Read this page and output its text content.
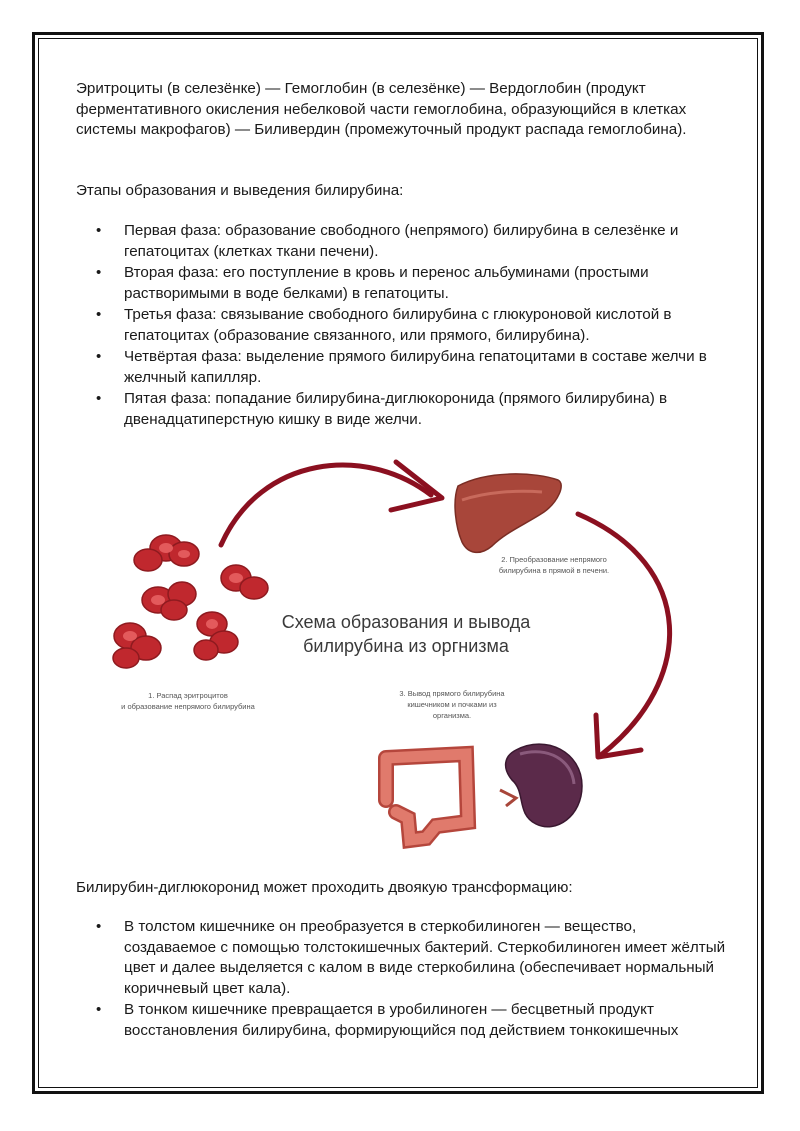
Эритроциты (в селезёнке) — Гемоглобин (в селезёнке) — Вердоглобин (продукт ферментативного окисления небелковой части гемоглобина, образующийся в клетках системы макрофагов) — Биливердин (промежуточный продукт распада гемоглобина).
Этапы образования и выведения билирубина:
• Первая фаза: образование свободного (непрямого) билирубина в селезёнке и гепатоцитах (клетках ткани печени).
• Вторая фаза: его поступление в кровь и перенос альбуминами (простыми растворимыми в воде белками) в гепатоциты.
• Третья фаза: связывание свободного билирубина с глюкуроновой кислотой в гепатоцитах (образование связанного, или прямого, билирубина).
• Четвёртая фаза: выделение прямого билирубина гепатоцитами в составе желчи в желчный капилляр.
• Пятая фаза: попадание билирубина-диглюкоронида (прямого билирубина) в двенадцатиперстную кишку в виде желчи.
Схема образования и вывода
билирубина из оргнизма
1. Распад эритроцитов
и образование непрямого билирубина
2. Преобразование непрямого
билирубина в прямой в печени.
3. Вывод прямого билирубина
кишечником и почками из
организма.
Билирубин-диглюкоронид может проходить двоякую трансформацию:
• В толстом кишечнике он преобразуется в стеркобилиноген — вещество, создаваемое с помощью толстокишечных бактерий. Стеркобилиноген имеет жёлтый цвет и далее выделяется с калом в виде стеркобилина (обеспечивает нормальный коричневый цвет кала).
• В тонком кишечнике превращается в уробилиноген — бесцветный продукт восстановления билирубина, формирующийся под действием тонкокишечных
